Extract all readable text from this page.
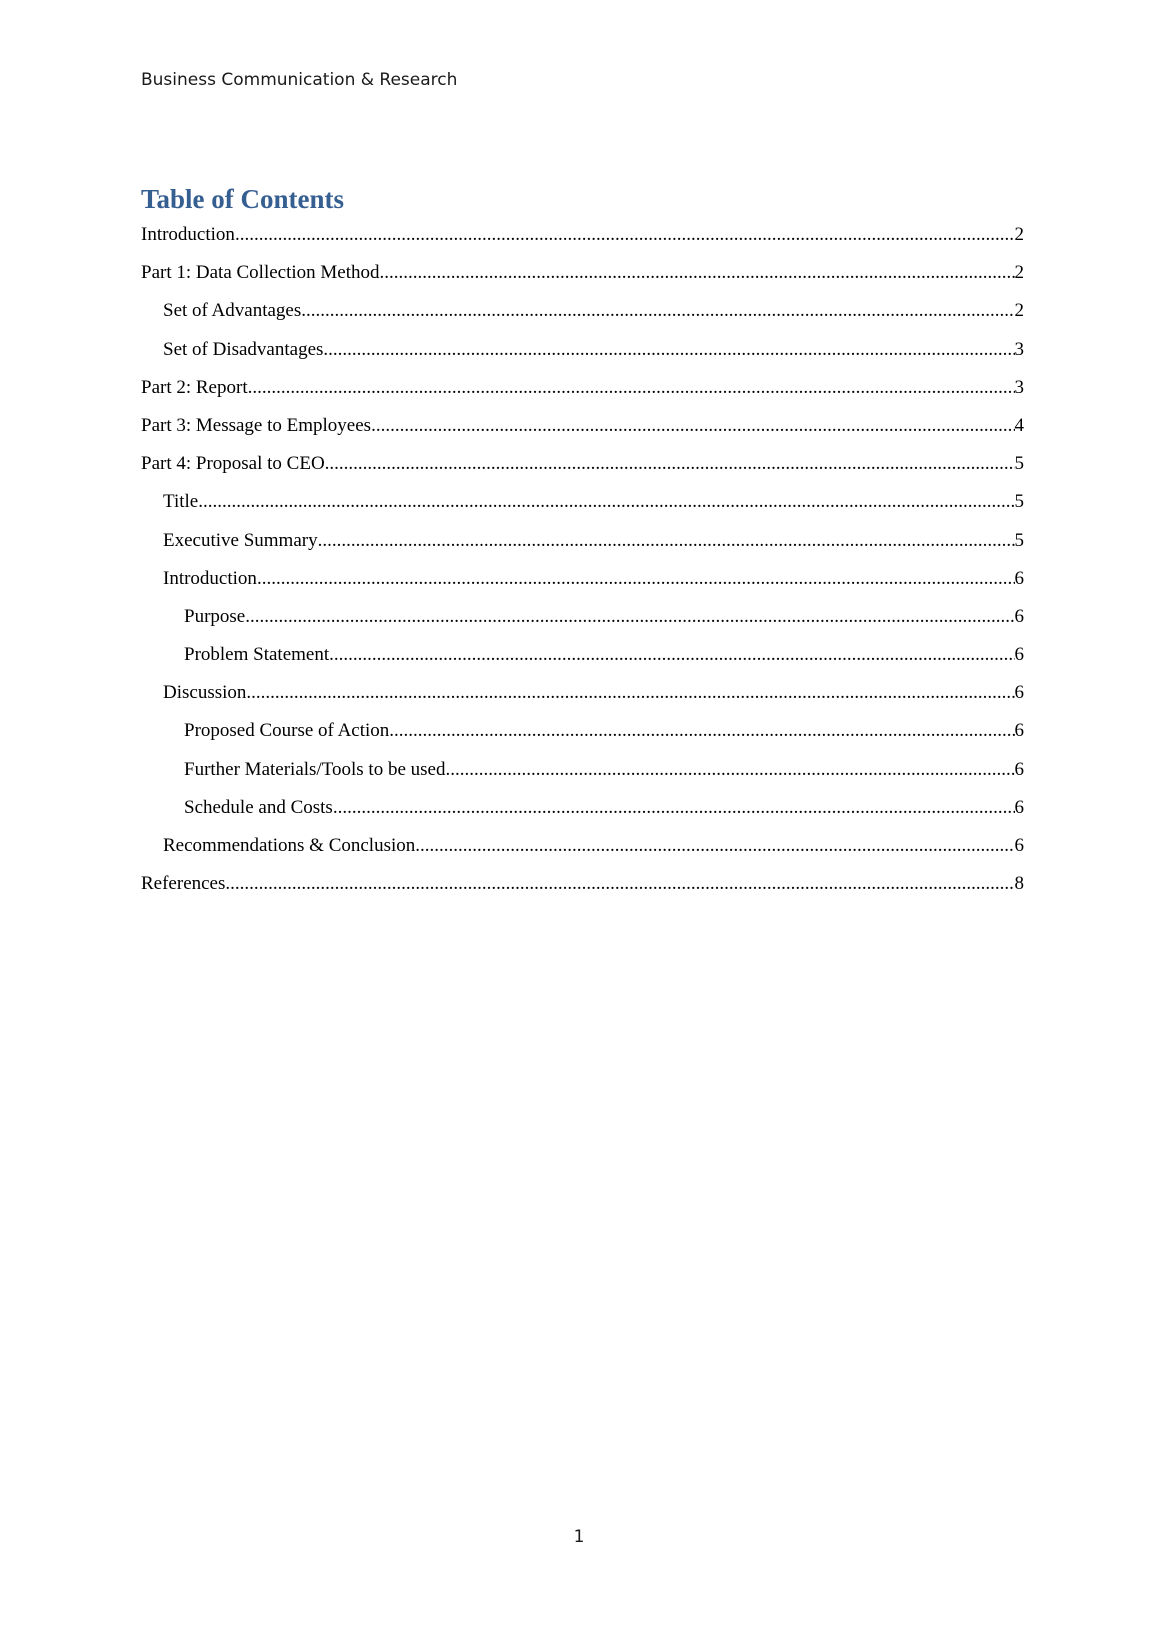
Business Communication & Research
Table of Contents
Introduction .....	2
Part 1: Data Collection Method .....	2
Set of Advantages .....	2
Set of Disadvantages .....	3
Part 2: Report .....	3
Part 3: Message to Employees .....	4
Part 4: Proposal to CEO .....	5
Title .....	5
Executive Summary .....	5
Introduction .....	6
Purpose .....	6
Problem Statement .....	6
Discussion .....	6
Proposed Course of Action .....	6
Further Materials/Tools to be used .....	6
Schedule and Costs .....	6
Recommendations & Conclusion .....	6
References .....	8
1
